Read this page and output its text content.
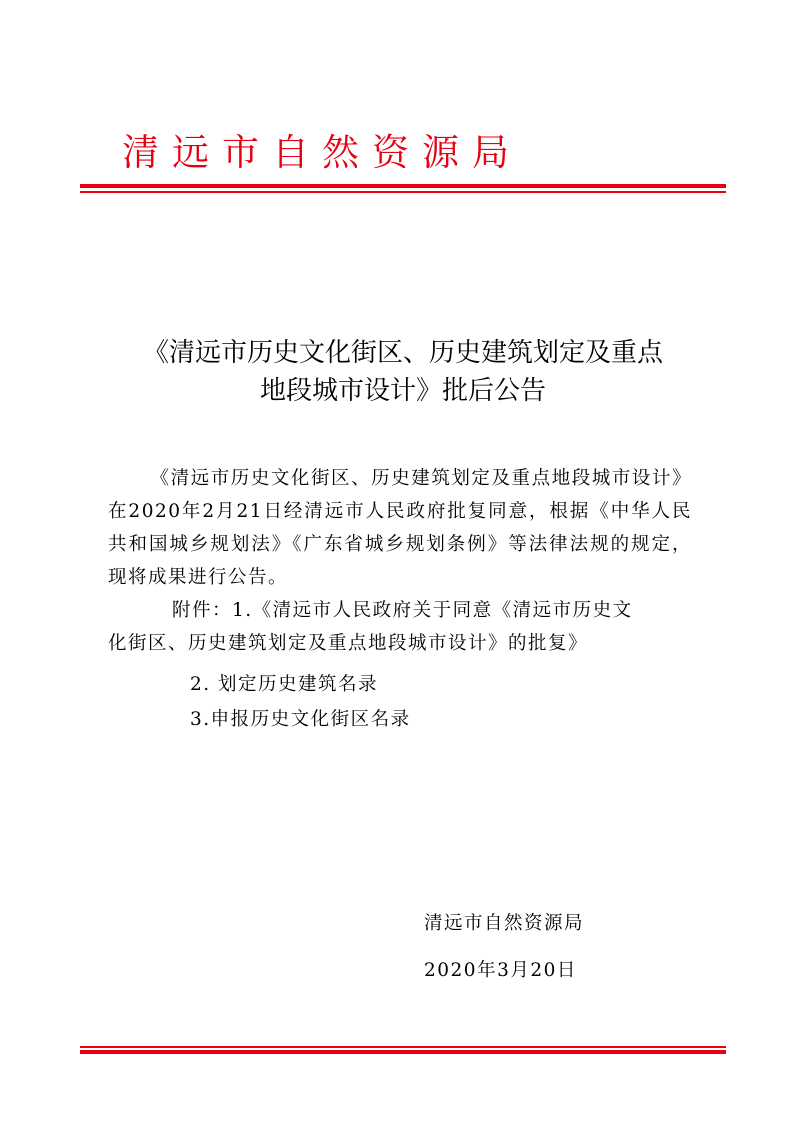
清远市自然资源局
《清远市历史文化街区、历史建筑划定及重点
地段城市设计》批后公告

《清远市历史文化街区、历史建筑划定及重点地段城市设计》在2020年2月21日经清远市人民政府批复同意，根据《中华人民共和国城乡规划法》《广东省城乡规划条例》等法律法规的规定，现将成果进行公告。

附件：1.《清远市人民政府关于同意《清远市历史文
化街区、历史建筑划定及重点地段城市设计》的批复》
2. 划定历史建筑名录
3.申报历史文化街区名录
清远市自然资源局
2020年3月20日
